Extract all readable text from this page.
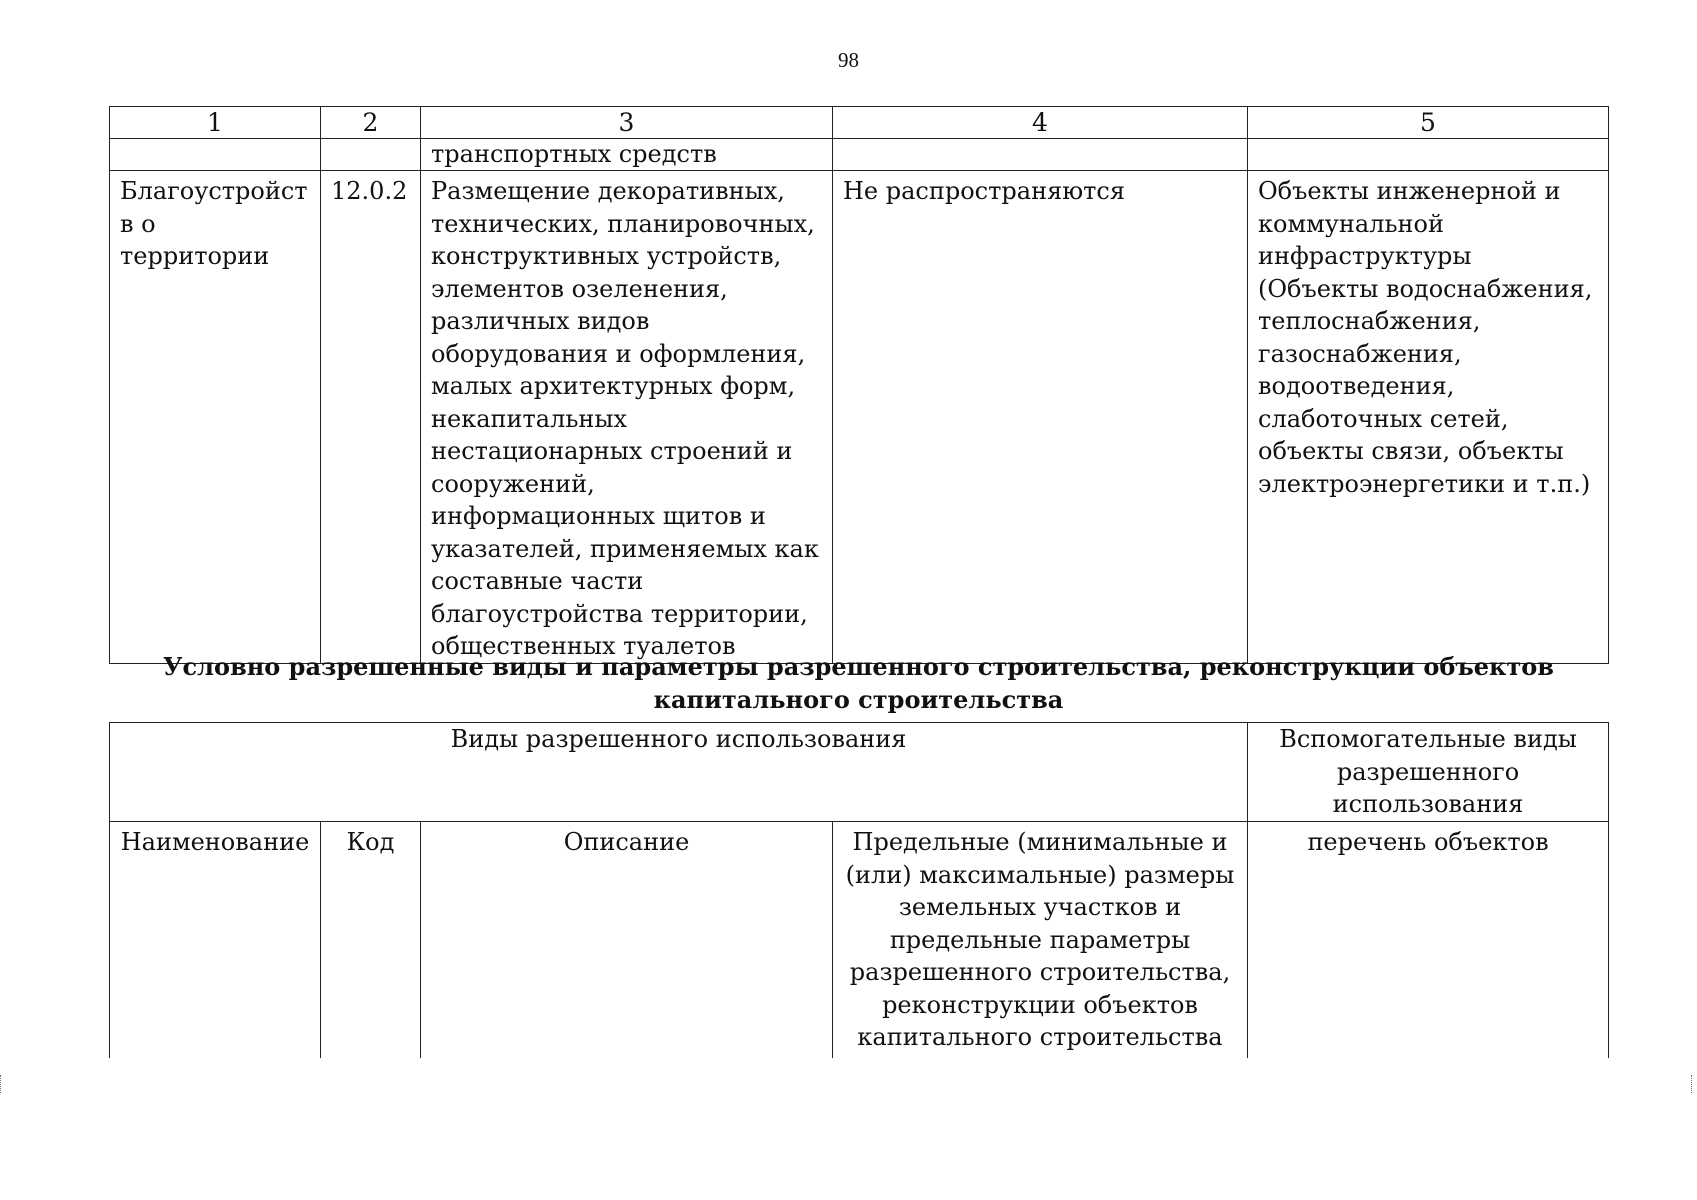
98
1	2	3	4	5
		транспортных средств		
Благоустройств о территории	12.0.2	Размещение декоративных, технических, планировочных, конструктивных устройств, элементов озеленения, различных видов оборудования и оформления, малых архитектурных форм, некапитальных нестационарных строений и сооружений, информационных щитов и указателей, применяемых как составные части благоустройства территории, общественных туалетов	Не распространяются	Объекты инженерной и коммунальной инфраструктуры (Объекты водоснабжения, теплоснабжения, газоснабжения, водоотведения, слаботочных сетей, объекты связи, объекты электроэнергетики и т.п.)
Условно разрешенные виды и параметры разрешенного строительства, реконструкции объектов
капитального строительства
Виды разрешенного использования				Вспомогательные виды разрешенного использования
Наименование	Код	Описание	Предельные (минимальные и (или) максимальные) размеры земельных участков и предельные параметры разрешенного строительства, реконструкции объектов капитального строительства	перечень объектов
